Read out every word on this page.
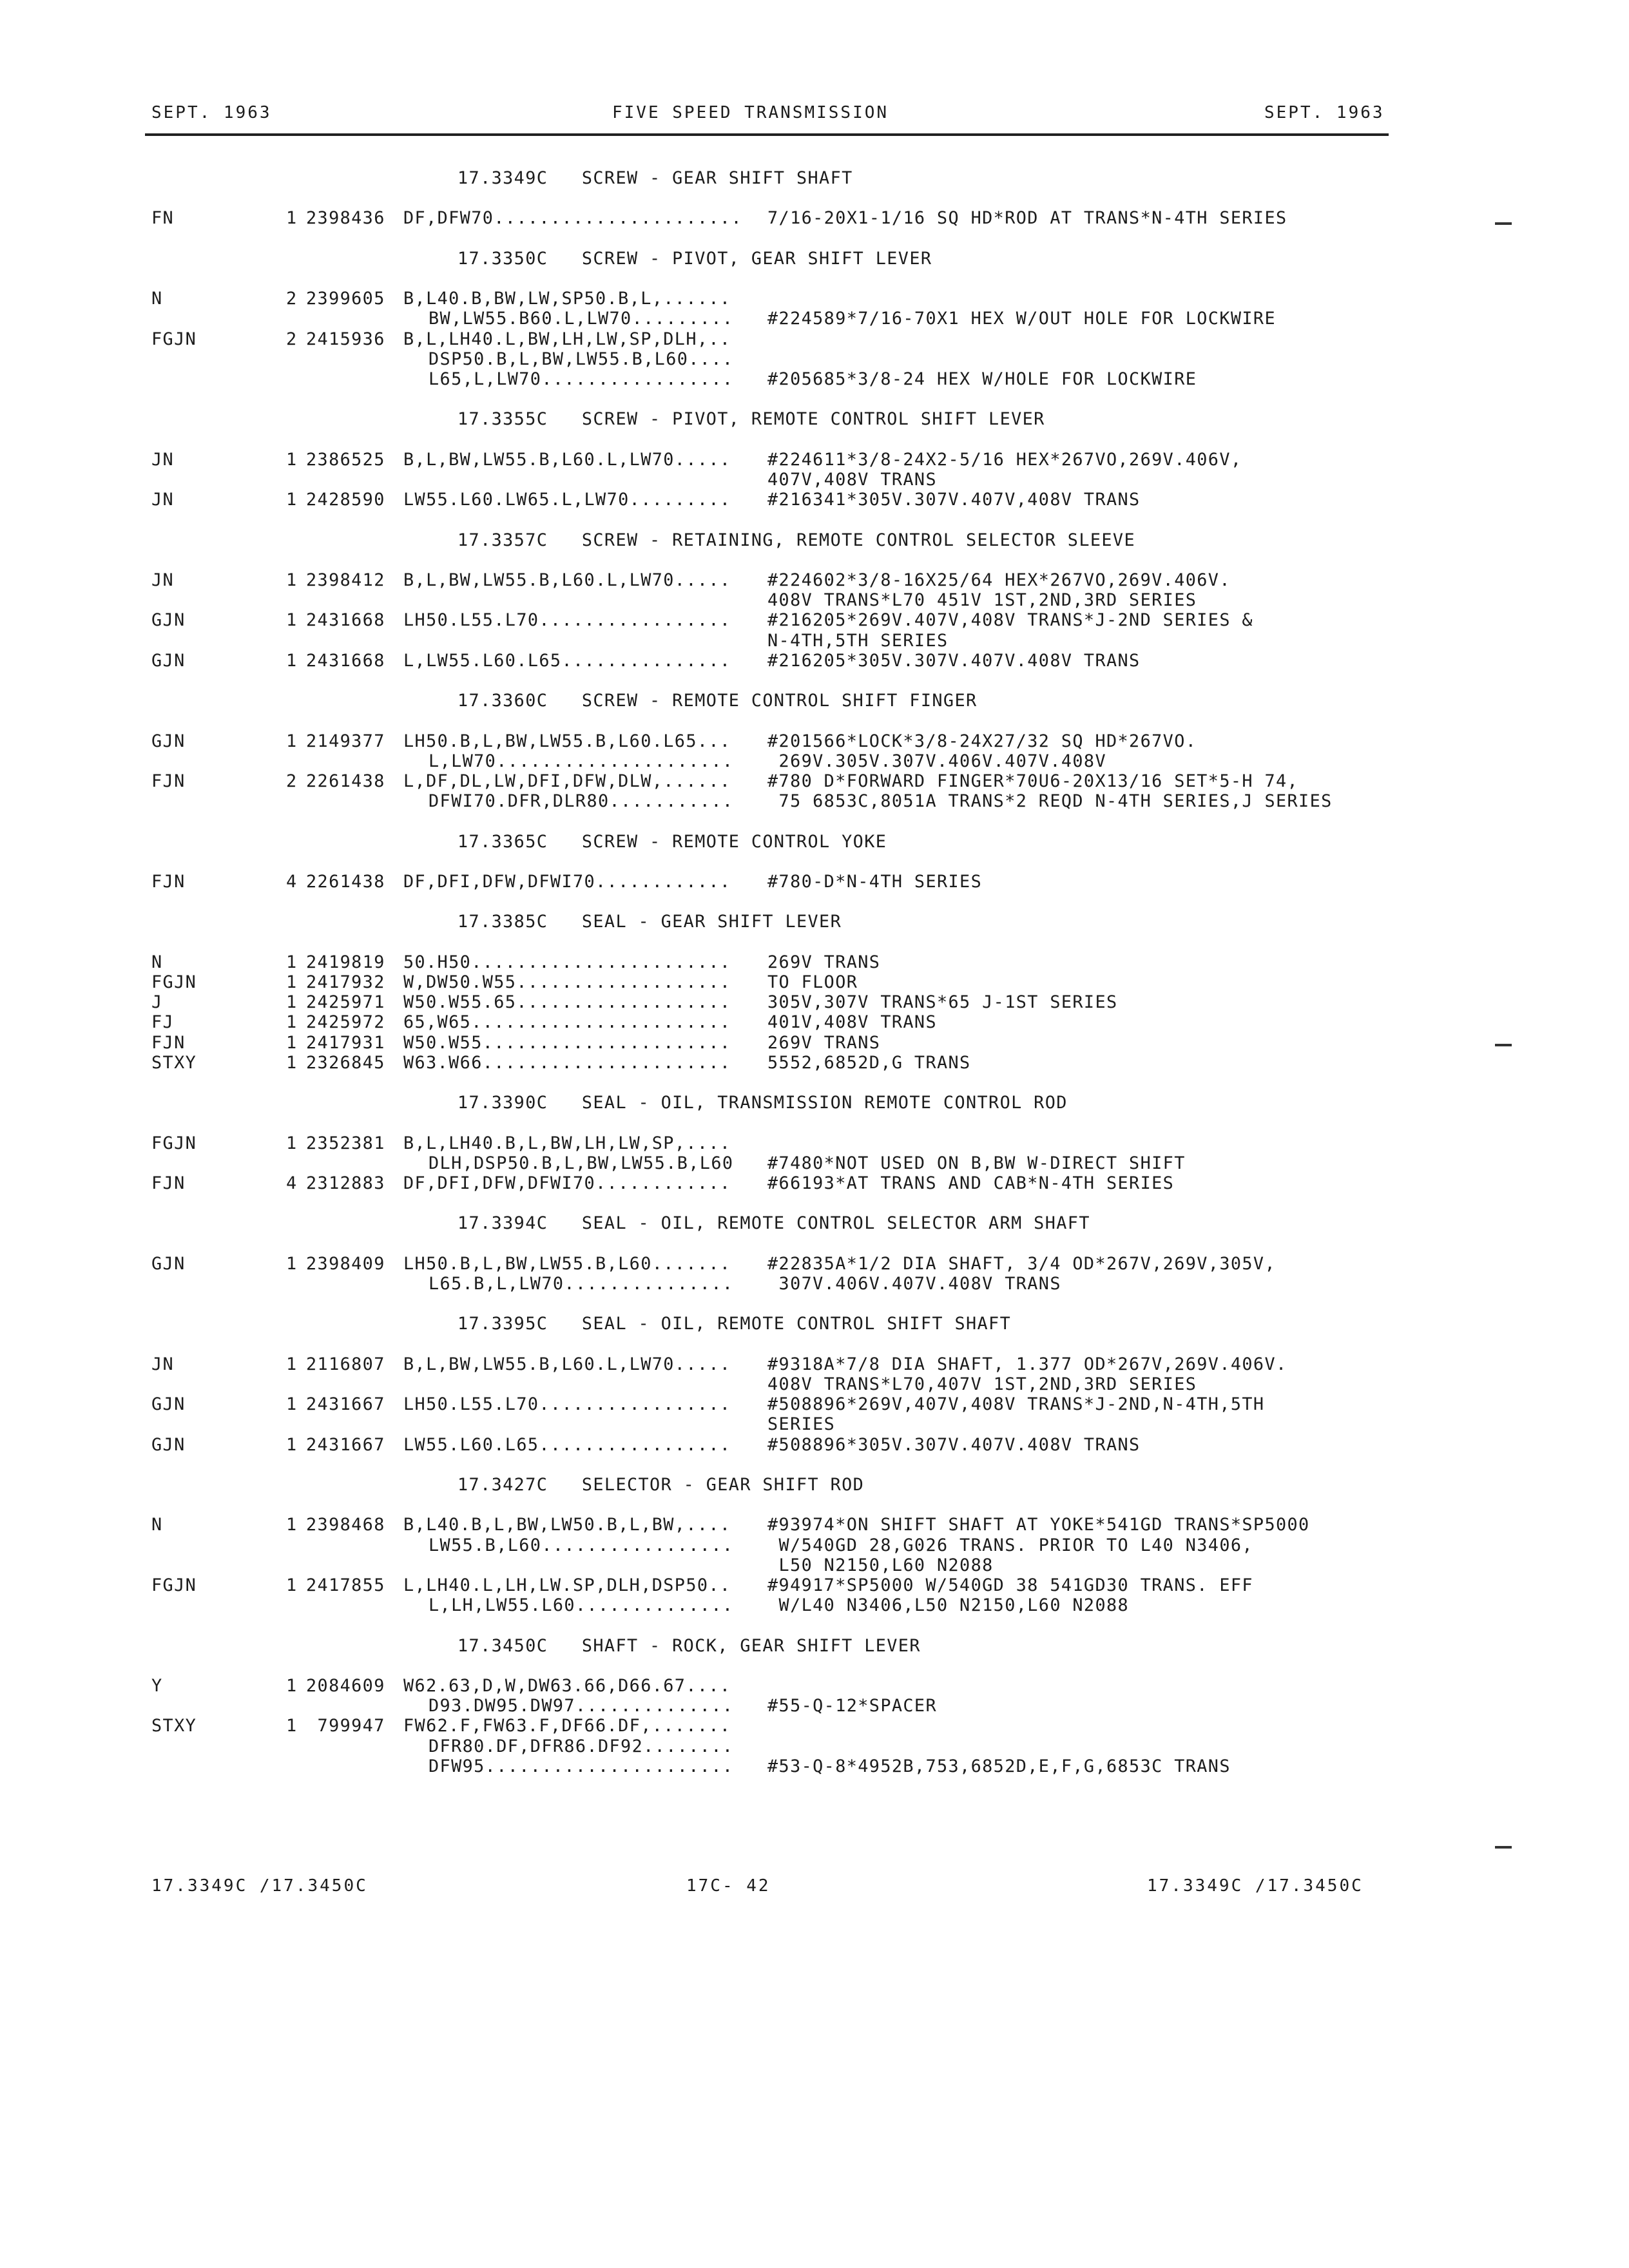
SEPT. 1963	FIVE SPEED TRANSMISSION	SEPT. 1963
17.3349C   SCREW - GEAR SHIFT SHAFT
FN	1 2398436 DF,DFW70...................... 7/16-20X1-1/16 SQ HD*ROD AT TRANS*N-4TH SERIES
17.3350C   SCREW - PIVOT, GEAR SHIFT LEVER
N	2 2399605 B,L40.B,BW,LW,SP50.B,L,......
BW,LW55.B60.L,LW70......... #224589*7/16-70X1 HEX W/OUT HOLE FOR LOCKWIRE
FGJN	2 2415936 B,L,LH40.L,BW,LH,LW,SP,DLH,..
DSP50.B,L,BW,LW55.B,L60....
L65,L,LW70................. #205685*3/8-24 HEX W/HOLE FOR LOCKWIRE
17.3355C   SCREW - PIVOT, REMOTE CONTROL SHIFT LEVER
JN	1 2386525 B,L,BW,LW55.B,L60.L,LW70..... #224611*3/8-24X2-5/16 HEX*267VO,269V.406V,
407V,408V TRANS
JN	1 2428590 LW55.L60.LW65.L,LW70......... #216341*305V.307V.407V,408V TRANS
17.3357C   SCREW - RETAINING, REMOTE CONTROL SELECTOR SLEEVE
JN	1 2398412 B,L,BW,LW55.B,L60.L,LW70..... #224602*3/8-16X25/64 HEX*267VO,269V.406V.
408V TRANS*L70 451V 1ST,2ND,3RD SERIES
GJN	1 2431668 LH50.L55.L70................. #216205*269V.407V,408V TRANS*J-2ND SERIES &
N-4TH,5TH SERIES
GJN	1 2431668 L,LW55.L60.L65............... #216205*305V.307V.407V.408V TRANS
17.3360C   SCREW - REMOTE CONTROL SHIFT FINGER
GJN	1 2149377 LH50.B,L,BW,LW55.B,L60.L65... #201566*LOCK*3/8-24X27/32 SQ HD*267VO.
L,LW70..................... 269V.305V.307V.406V.407V.408V
FJN	2 2261438 L,DF,DL,LW,DFI,DFW,DLW,...... #780 D*FORWARD FINGER*70U6-20X13/16 SET*5-H 74,
DFWI70.DFR,DLR80........... 75 6853C,8051A TRANS*2 REQD N-4TH SERIES,J SERIES
17.3365C   SCREW - REMOTE CONTROL YOKE
FJN	4 2261438 DF,DFI,DFW,DFWI70............ #780-D*N-4TH SERIES
17.3385C   SEAL - GEAR SHIFT LEVER
N	1 2419819 50.H50....................... 269V TRANS
FGJN	1 2417932 W,DW50.W55................... TO FLOOR
J	1 2425971 W50.W55.65................... 305V,307V TRANS*65 J-1ST SERIES
FJ	1 2425972 65,W65....................... 401V,408V TRANS
FJN	1 2417931 W50.W55...................... 269V TRANS
STXY	1 2326845 W63.W66...................... 5552,6852D,G TRANS
17.3390C   SEAL - OIL, TRANSMISSION REMOTE CONTROL ROD
FGJN	1 2352381 B,L,LH40.B,L,BW,LH,LW,SP,....
DLH,DSP50.B,L,BW,LW55.B,L60 #7480*NOT USED ON B,BW W-DIRECT SHIFT
FJN	4 2312883 DF,DFI,DFW,DFWI70............ #66193*AT TRANS AND CAB*N-4TH SERIES
17.3394C   SEAL - OIL, REMOTE CONTROL SELECTOR ARM SHAFT
GJN	1 2398409 LH50.B,L,BW,LW55.B,L60....... #22835A*1/2 DIA SHAFT, 3/4 OD*267V,269V,305V,
L65.B,L,LW70............... 307V.406V.407V.408V TRANS
17.3395C   SEAL - OIL, REMOTE CONTROL SHIFT SHAFT
JN	1 2116807 B,L,BW,LW55.B,L60.L,LW70..... #9318A*7/8 DIA SHAFT, 1.377 OD*267V,269V.406V.
408V TRANS*L70,407V 1ST,2ND,3RD SERIES
GJN	1 2431667 LH50.L55.L70................. #508896*269V,407V,408V TRANS*J-2ND,N-4TH,5TH
SERIES
GJN	1 2431667 LW55.L60.L65................. #508896*305V.307V.407V.408V TRANS
17.3427C   SELECTOR - GEAR SHIFT ROD
N	1 2398468 B,L40.B,L,BW,LW50.B,L,BW,.... #93974*ON SHIFT SHAFT AT YOKE*541GD TRANS*SP5000
LW55.B,L60................. W/540GD 28,G026 TRANS. PRIOR TO L40 N3406,
L50 N2150,L60 N2088
FGJN	1 2417855 L,LH40.L,LH,LW.SP,DLH,DSP50.. #94917*SP5000 W/540GD 38 541GD30 TRANS. EFF
L,LH,LW55.L60.............. W/L40 N3406,L50 N2150,L60 N2088
17.3450C   SHAFT - ROCK, GEAR SHIFT LEVER
Y	1 2084609 W62.63,D,W,DW63.66,D66.67....
D93.DW95.DW97.............. #55-Q-12*SPACER
STXY	1 799947 FW62.F,FW63.F,DF66.DF,.......
DFR80.DF,DFR86.DF92........
DFW95...................... #53-Q-8*4952B,753,6852D,E,F,G,6853C TRANS
17.3349C /17.3450C	17C- 42	17.3349C /17.3450C
